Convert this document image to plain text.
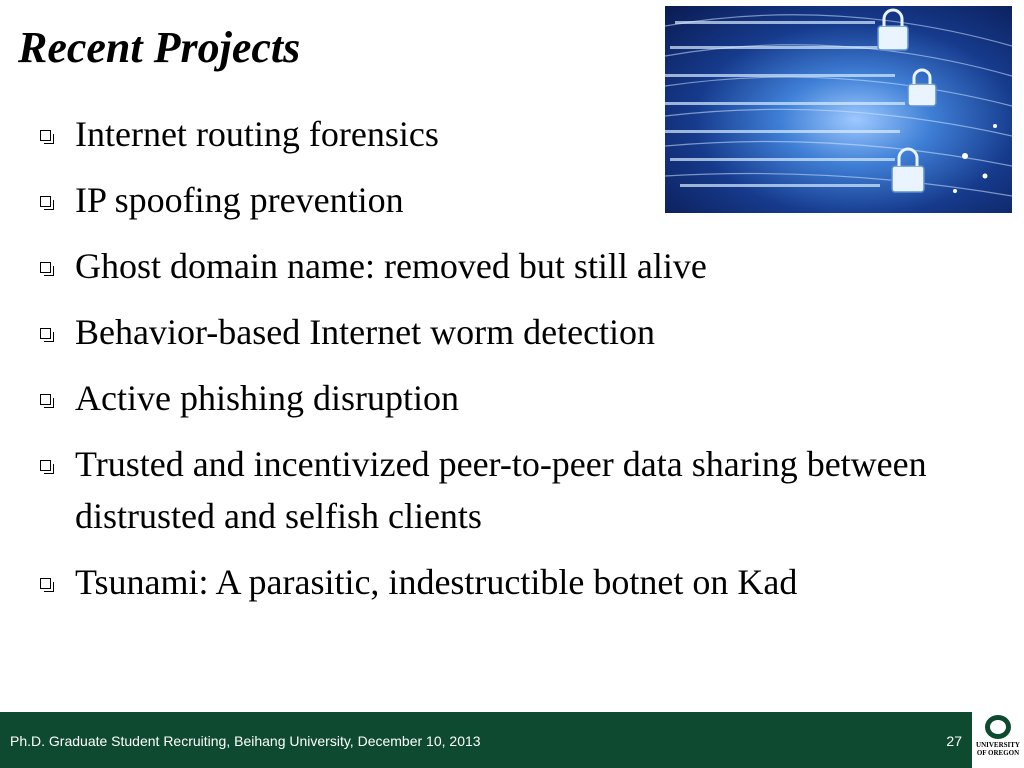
Recent Projects
Internet routing forensics
IP spoofing prevention
Ghost domain name: removed but still alive
Behavior-based Internet worm detection
Active phishing disruption
Trusted and incentivized peer-to-peer data sharing between distrusted and selfish clients
Tsunami: A parasitic, indestructible botnet on Kad
Ph.D. Graduate Student Recruiting, Beihang University, December 10, 2013	27	UNIVERSITY
OF OREGON
